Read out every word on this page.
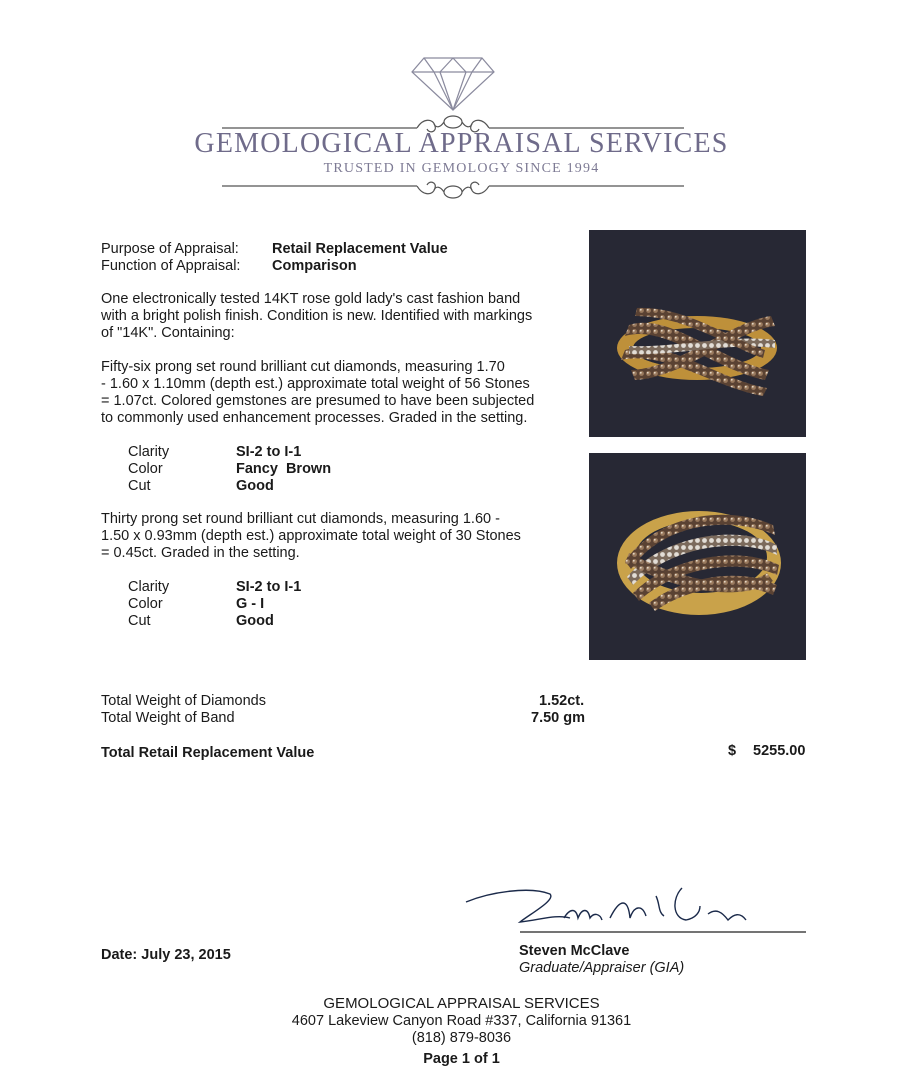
GEMOLOGICAL APPRAISAL SERVICES
TRUSTED IN GEMOLOGY SINCE 1994
Purpose of Appraisal: Retail Replacement Value
Function of Appraisal: Comparison
One electronically tested 14KT rose gold lady's cast fashion band
with a bright polish finish. Condition is new. Identified with markings
of "14K". Containing:
Fifty-six prong set round brilliant cut diamonds, measuring 1.70
- 1.60 x 1.10mm (depth est.) approximate total weight of 56 Stones
= 1.07ct. Colored gemstones are presumed to have been subjected
to commonly used enhancement processes. Graded in the setting.
Clarity	SI-2 to I-1
Color	Fancy  Brown
Cut	Good
Thirty prong set round brilliant cut diamonds, measuring 1.60 -
1.50 x 0.93mm (depth est.) approximate total weight of 30 Stones
= 0.45ct. Graded in the setting.
Clarity	SI-2 to I-1
Color	G - I
Cut	Good
Total Weight of Diamonds	1.52ct.
Total Weight of Band	7.50 gm
Total Retail Replacement Value	$ 5255.00
Date: July 23, 2015	Steven McClave
Graduate/Appraiser (GIA)
GEMOLOGICAL APPRAISAL SERVICES
4607 Lakeview Canyon Road #337, California 91361
(818) 879-8036
Page 1 of 1
